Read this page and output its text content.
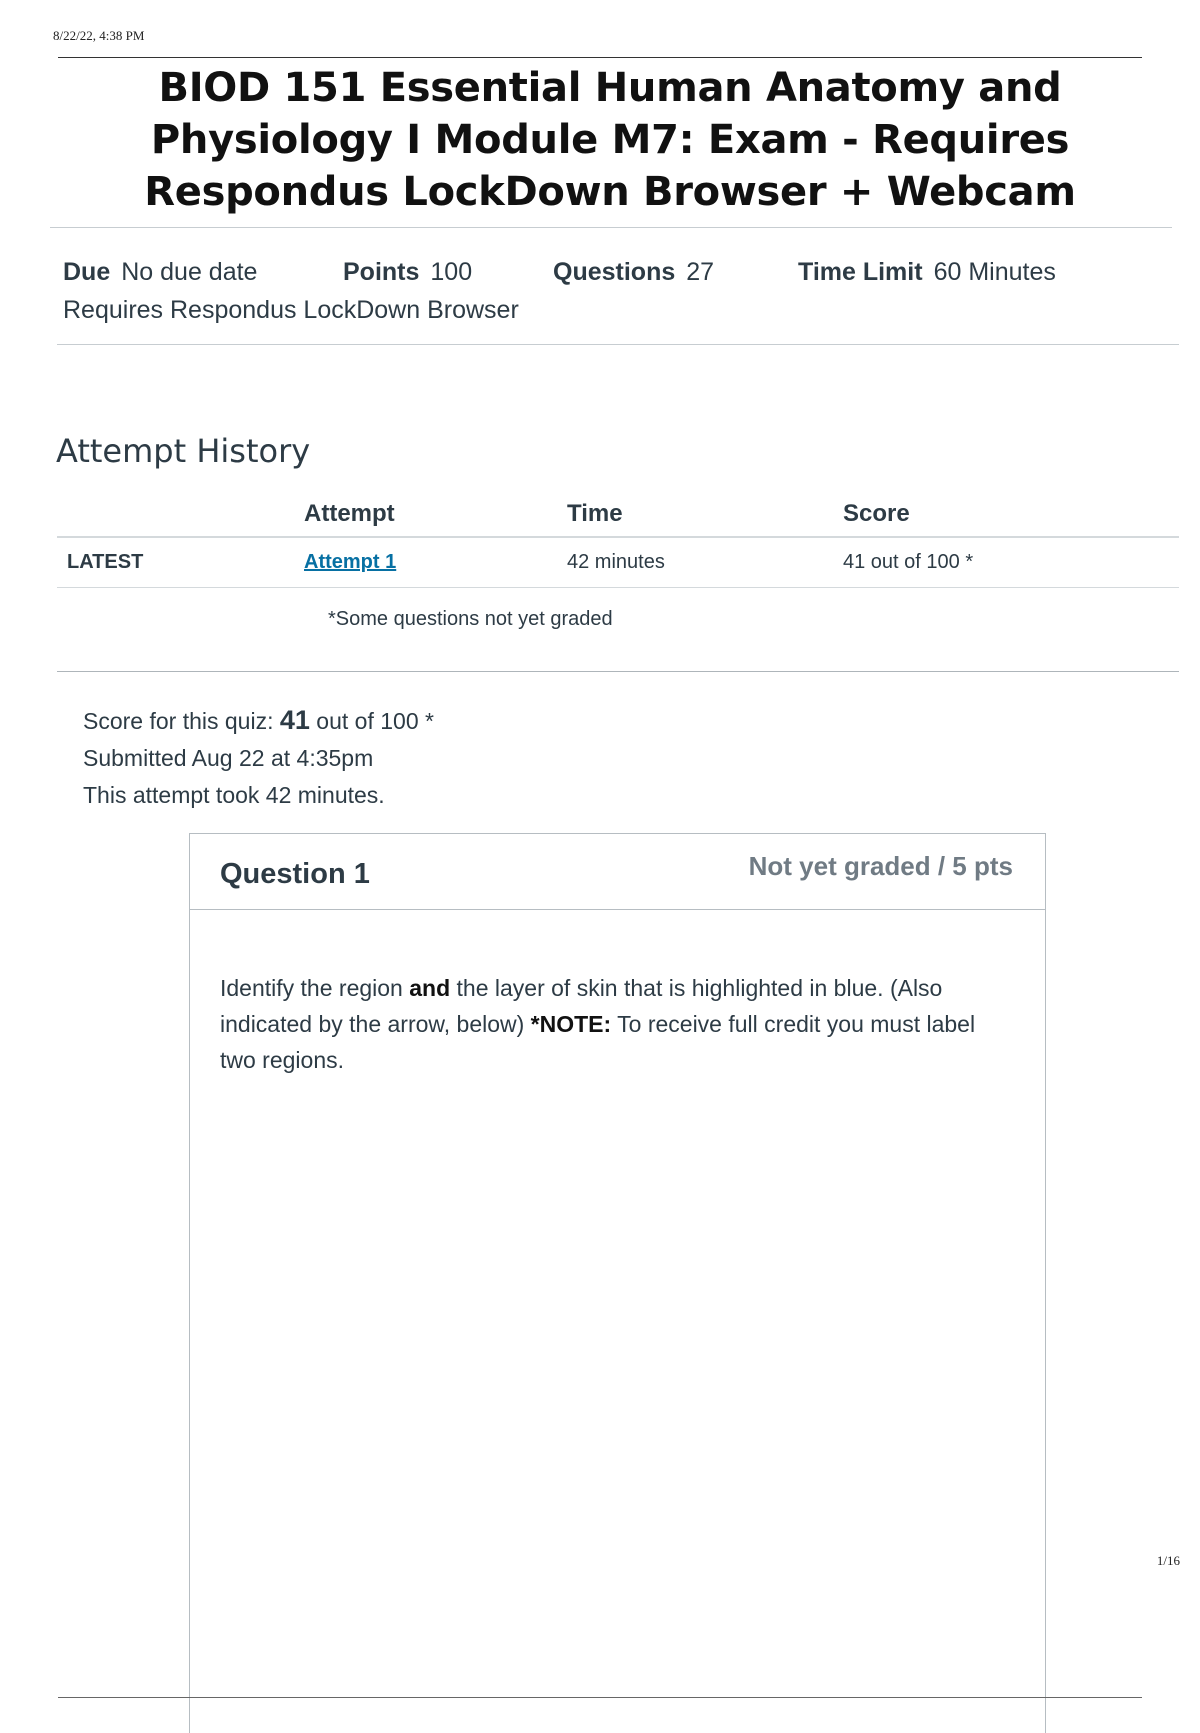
8/22/22, 4:38 PM
BIOD 151 Essential Human Anatomy and Physiology I Module M7: Exam - Requires Respondus LockDown Browser + Webcam
Due No due date	Points 100	Questions 27	Time Limit 60 Minutes
Requires Respondus LockDown Browser
Attempt History
	Attempt	Time	Score
LATEST	Attempt 1	42 minutes	41 out of 100 *
*Some questions not yet graded
Score for this quiz: 41 out of 100 *
Submitted Aug 22 at 4:35pm
This attempt took 42 minutes.
Question 1	Not yet graded / 5 pts
Identify the region and the layer of skin that is highlighted in blue. (Also indicated by the arrow, below) *NOTE: To receive full credit you must label two regions.
1/16
